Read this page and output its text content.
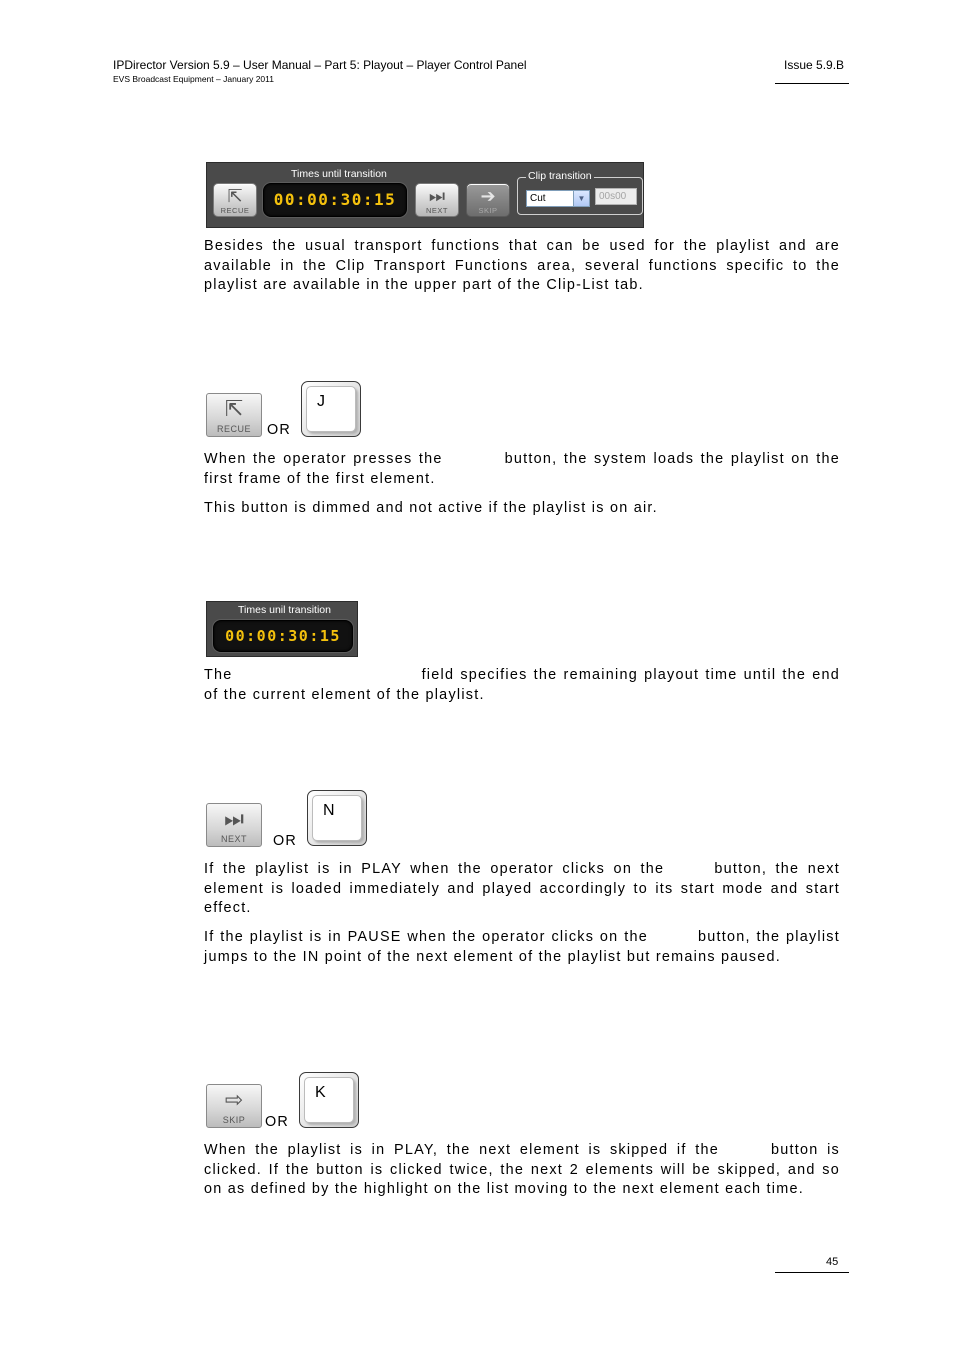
IPDirector Version 5.9 – User Manual – Part 5: Playout – Player Control Panel
EVS Broadcast Equipment – January 2011
Issue 5.9.B
⇱
RECUE
Times until transition
00:00:30:15	⏭
NEXT
➔
SKIP
Clip transition
Cut	▼	00s00
Besides the usual transport functions that can be used for the playlist and are available in the Clip Transport Functions area, several functions specific to the playlist are available in the upper part of the Clip-List tab.
⇱
RECUE	OR
J
When the operator presses the	button, the system loads the playlist on the first frame of the first element.
This button is dimmed and not active if the playlist is on air.
Times unil transition
00:00:30:15
The	field specifies the remaining playout time until the end of the current element of the playlist.
⏭
NEXT	OR
N
If the playlist is in PLAY when the operator clicks on the	button, the next element is loaded immediately and played accordingly to its start mode and start effect.
If the playlist is in PAUSE when the operator clicks on the	button, the playlist jumps to the IN point of the next element of the playlist but remains paused.
⇨
SKIP	OR
K
When the playlist is in PLAY, the next element is skipped if the	button is clicked. If the button is clicked twice, the next 2 elements will be skipped, and so on as defined by the highlight on the list moving to the next element each time.
45
